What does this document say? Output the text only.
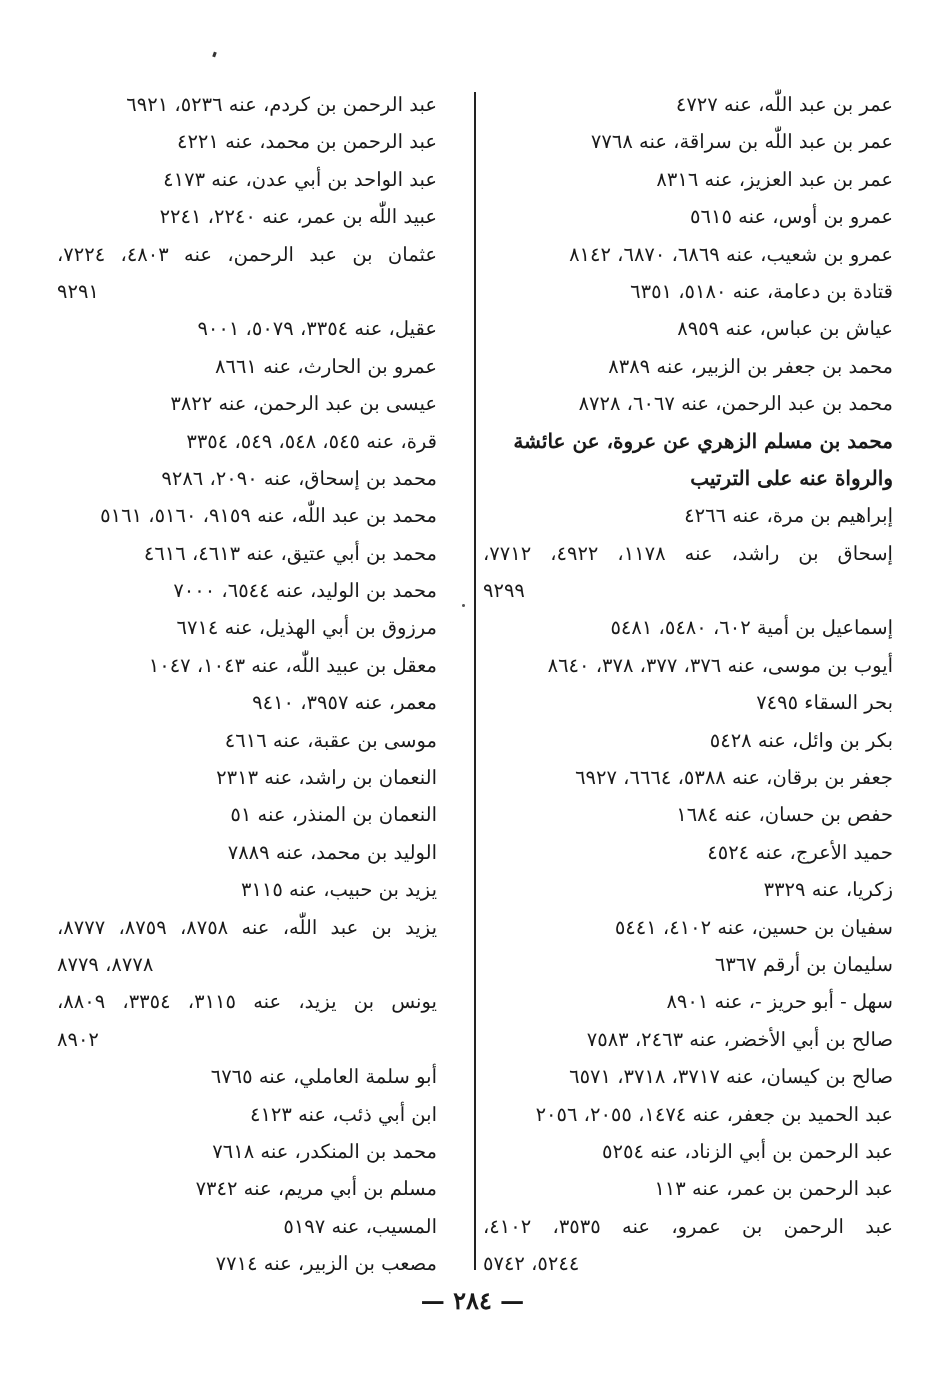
عمر بن عبد اللّٰه، عنه ٤٧٢٧
عمر بن عبد اللّٰه بن سراقة، عنه ٧٧٦٨
عمر بن عبد العزيز، عنه ٨٣١٦
عمرو بن أوس، عنه ٥٦١٥
عمرو بن شعيب، عنه ٦٨٦٩، ٦٨٧٠، ٨١٤٢
قتادة بن دعامة، عنه ٥١٨٠، ٦٣٥١
عياش بن عباس، عنه ٨٩٥٩
محمد بن جعفر بن الزبير، عنه ٨٣٨٩
محمد بن عبد الرحمن، عنه ٦٠٦٧، ٨٧٢٨
محمد بن مسلم الزهري عن عروة، عن عائشة
والرواة عنه على الترتيب
إبراهيم بن مرة، عنه ٤٢٦٦
إسحاق بن راشد، عنه ١١٧٨، ٤٩٢٢، ٧٧١٢،
٩٢٩٩
إسماعيل بن أمية ٦٠٢، ٥٤٨٠، ٥٤٨١
أيوب بن موسى، عنه ٣٧٦، ٣٧٧، ٣٧٨، ٨٦٤٠
بحر السقاء ٧٤٩٥
بكر بن وائل، عنه ٥٤٢٨
جعفر بن برقان، عنه ٥٣٨٨، ٦٦٦٤، ٦٩٢٧
حفص بن حسان، عنه ١٦٨٤
حميد الأعرج، عنه ٤٥٢٤
زكريا، عنه ٣٣٢٩
سفيان بن حسين، عنه ٤١٠٢، ٥٤٤١
سليمان بن أرقم ٦٣٦٧
سهل - أبو حريز -، عنه ٨٩٠١
صالح بن أبي الأخضر، عنه ٢٤٦٣، ٧٥٨٣
صالح بن كيسان، عنه ٣٧١٧، ٣٧١٨، ٦٥٧١
عبد الحميد بن جعفر، عنه ١٤٧٤، ٢٠٥٥، ٢٠٥٦
عبد الرحمن بن أبي الزناد، عنه ٥٢٥٤
عبد الرحمن بن عمر، عنه ١١٣
عبد الرحمن بن عمرو، عنه ٣٥٣٥، ٤١٠٢،
٥٢٤٤، ٥٧٤٢
عبد الرحمن بن كردم، عنه ٥٢٣٦، ٦٩٢١
عبد الرحمن بن محمد، عنه ٤٢٢١
عبد الواحد بن أبي عدن، عنه ٤١٧٣
عبيد اللّٰه بن عمر، عنه ٢٢٤٠، ٢٢٤١
عثمان بن عبد الرحمن، عنه ٤٨٠٣، ٧٢٢٤،
٩٢٩١
عقيل، عنه ٣٣٥٤، ٥٠٧٩، ٩٠٠١
عمرو بن الحارث، عنه ٨٦٦١
عيسى بن عبد الرحمن، عنه ٣٨٢٢
قرة، عنه ٥٤٥، ٥٤٨، ٥٤٩، ٣٣٥٤
محمد بن إسحاق، عنه ٢٠٩٠، ٩٢٨٦
محمد بن عبد اللّٰه، عنه ٩١٥٩، ٥١٦٠، ٥١٦١
محمد بن أبي عتيق، عنه ٤٦١٣، ٤٦١٦
محمد بن الوليد، عنه ٦٥٤٤، ٧٠٠٠
مرزوق بن أبي الهذيل، عنه ٦٧١٤
معقل بن عبيد اللّٰه، عنه ١٠٤٣، ١٠٤٧
معمر، عنه ٣٩٥٧، ٩٤١٠
موسى بن عقبة، عنه ٤٦١٦
النعمان بن راشد، عنه ٢٣١٣
النعمان بن المنذر، عنه ٥١
الوليد بن محمد، عنه ٧٨٨٩
يزيد بن حبيب، عنه ٣١١٥
يزيد بن عبد اللّٰه، عنه ٨٧٥٨، ٨٧٥٩، ٨٧٧٧،
٨٧٧٨، ٨٧٧٩
يونس بن يزيد، عنه ٣١١٥، ٣٣٥٤، ٨٨٠٩،
٨٩٠٢
أبو سلمة العاملي، عنه ٦٧٦٥
ابن أبي ذئب، عنه ٤١٢٣
محمد بن المنكدر، عنه ٧٦١٨
مسلم بن أبي مريم، عنه ٧٣٤٢
المسيب، عنه ٥١٩٧
مصعب بن الزبير، عنه ٧٧١٤
— ٢٨٤ —
